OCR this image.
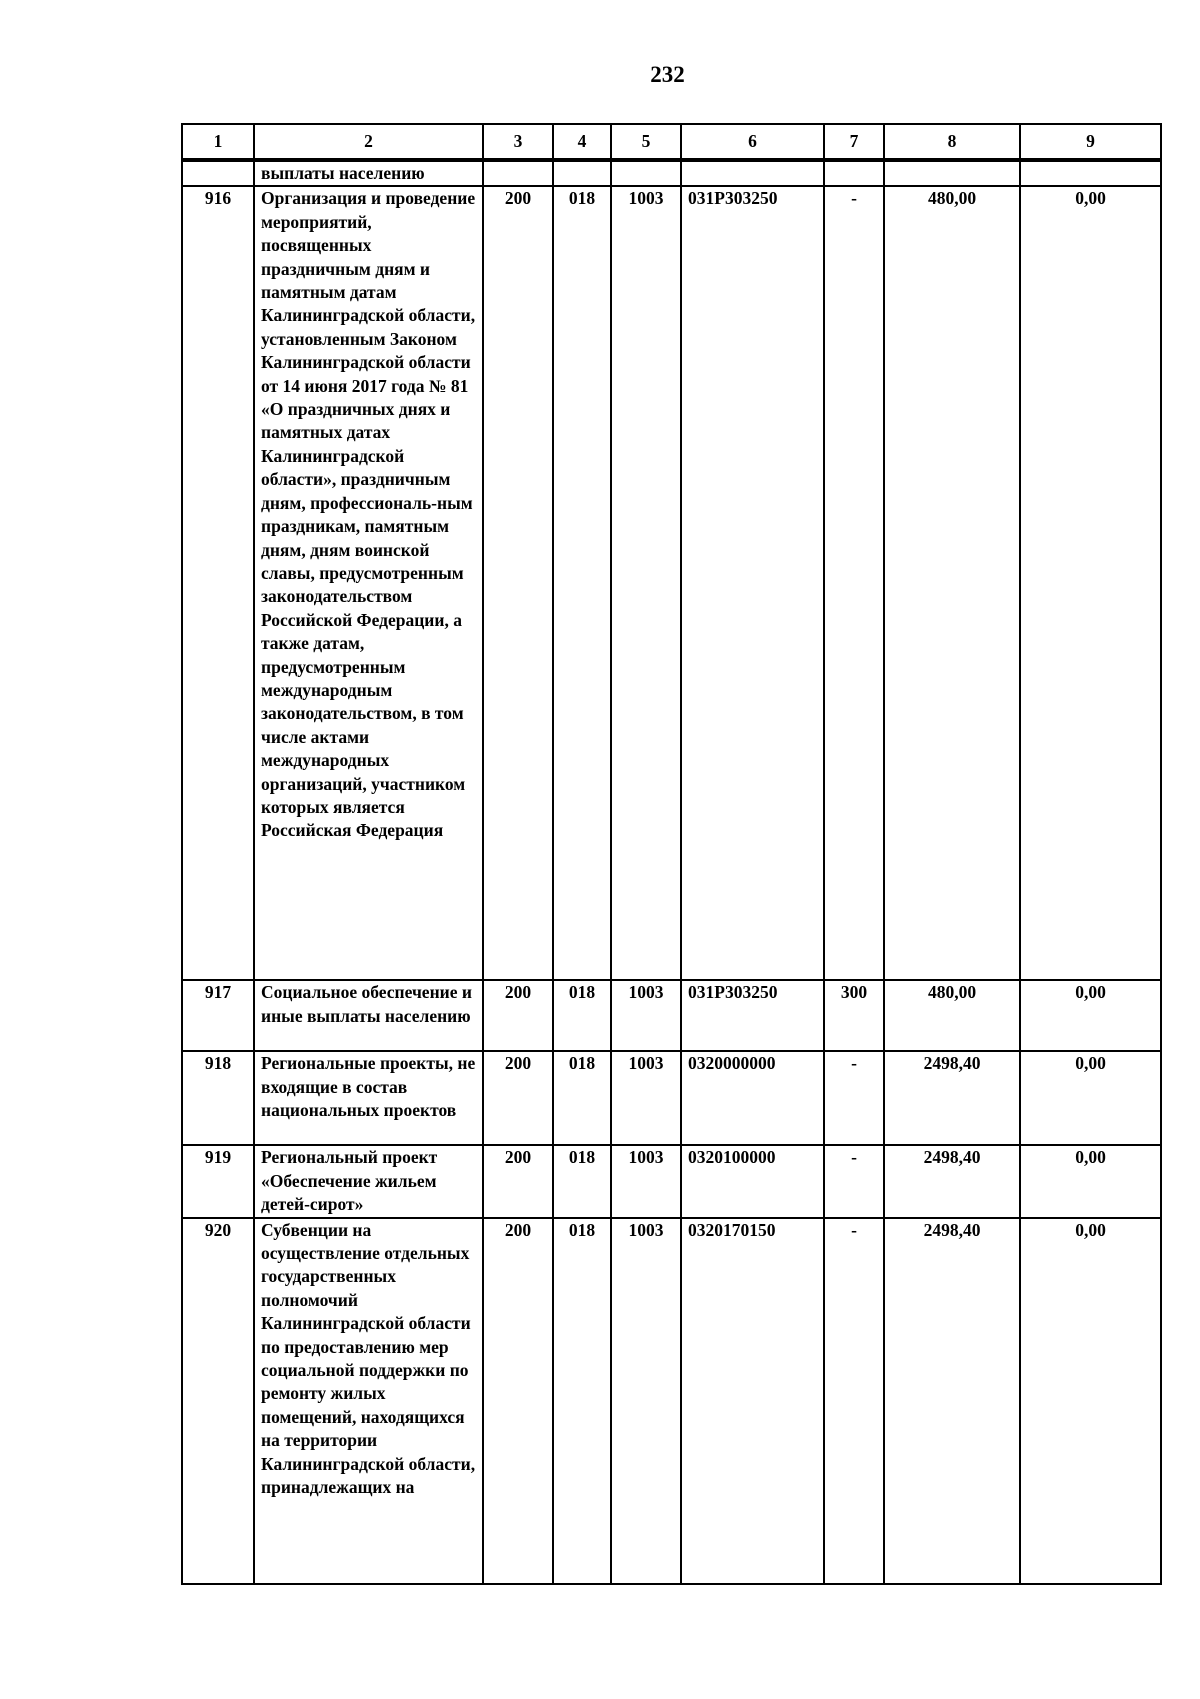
232
1	2	3	4	5	6	7	8	9
	выплаты населению							
916	Организация и проведение мероприятий, посвященных праздничным дням и памятным датам Калининградской области, установленным Законом Калининградской области от 14 июня 2017 года № 81 «О праздничных днях и памятных датах Калининградской области», праздничным дням, профессиональ-ным праздникам, памятным дням, дням воинской славы, предусмотренным законодательством Российской Федерации, а также датам, предусмотренным международным законодательством, в том числе актами международных организаций, участником которых является Российская Федерация	200	018	1003	031P303250	-	480,00	0,00
917	Социальное обеспечение и иные выплаты населению	200	018	1003	031P303250	300	480,00	0,00
918	Региональные проекты, не входящие в состав национальных проектов	200	018	1003	0320000000	-	2498,40	0,00
919	Региональный проект «Обеспечение жильем детей-сирот»	200	018	1003	0320100000	-	2498,40	0,00
920	Субвенции на осуществление отдельных государственных полномочий Калининградской области по предоставлению мер социальной поддержки по ремонту жилых помещений, находящихся на территории Калининградской области, принадлежащих на	200	018	1003	0320170150	-	2498,40	0,00
